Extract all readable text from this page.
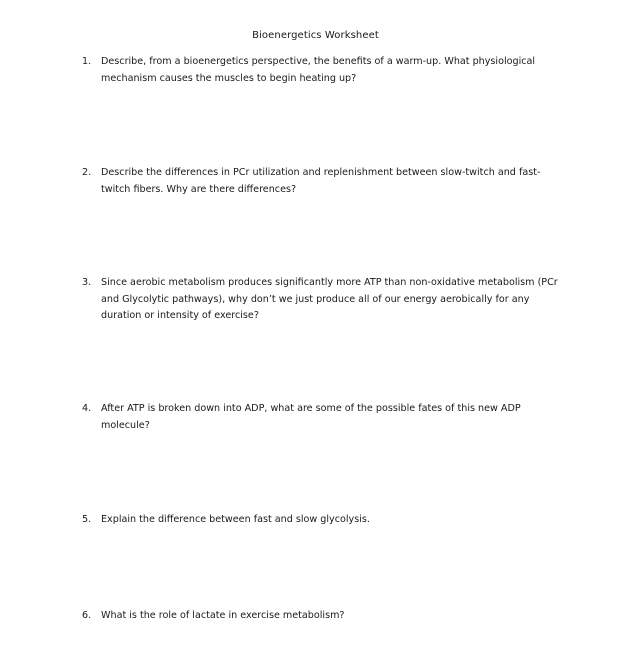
Bioenergetics Worksheet
1.	Describe, from a bioenergetics perspective, the benefits of a warm-up. What physiological mechanism causes the muscles to begin heating up?
2.	Describe the differences in PCr utilization and replenishment between slow-twitch and fast-twitch fibers. Why are there differences?
3.	Since aerobic metabolism produces significantly more ATP than non-oxidative metabolism (PCr and Glycolytic pathways), why don’t we just produce all of our energy aerobically for any duration or intensity of exercise?
4.	After ATP is broken down into ADP, what are some of the possible fates of this new ADP molecule?
5.	Explain the difference between fast and slow glycolysis.
6.	What is the role of lactate in exercise metabolism?
